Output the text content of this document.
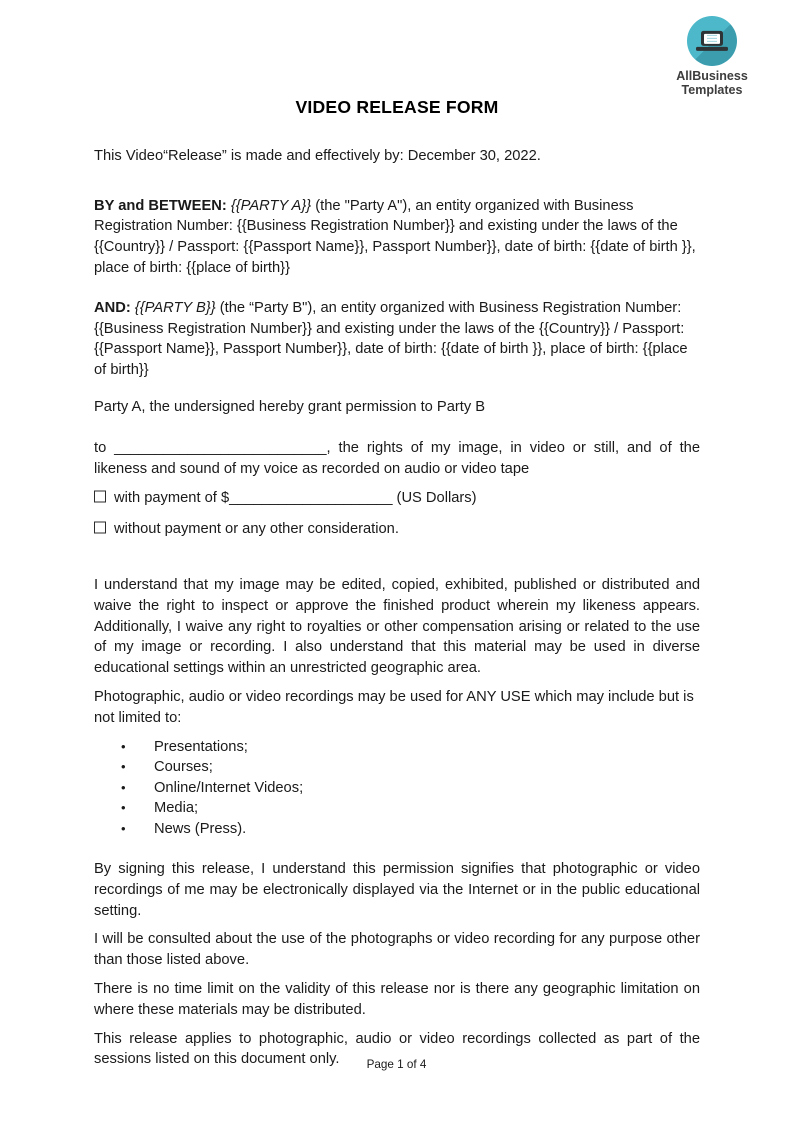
AllBusiness
Templates
VIDEO RELEASE FORM

This Video“Release” is made and effectively by: December 30, 2022.

BY and BETWEEN: {{PARTY A}} (the "Party A"), an entity organized with Business Registration Number: {{Business Registration Number}} and existing under the laws of the {{Country}} / Passport: {{Passport Name}}, Passport Number}}, date of birth: {{date of birth }}, place of birth: {{place of birth}}

AND: {{PARTY B}} (the “Party B"), an entity organized with Business Registration Number: {{Business Registration Number}} and existing under the laws of the {{Country}} / Passport: {{Passport Name}}, Passport Number}}, date of birth: {{date of birth }}, place of birth: {{place of birth}}

Party A, the undersigned hereby grant permission to Party B

to __________________________, the rights of my image, in video or still, and of the likeness and sound of my voice as recorded on audio or video tape

with payment of $____________________ (US Dollars)

without payment or any other consideration.

I understand that my image may be edited, copied, exhibited, published or distributed and waive the right to inspect or approve the finished product wherein my likeness appears. Additionally, I waive any right to royalties or other compensation arising or related to the use of my image or recording. I also understand that this material may be used in diverse educational settings within an unrestricted geographic area.

Photographic, audio or video recordings may be used for ANY USE which may include but is not limited to:

• Presentations;
• Courses;
• Online/Internet Videos;
• Media;
• News (Press).

By signing this release, I understand this permission signifies that photographic or video recordings of me may be electronically displayed via the Internet or in the public educational setting.

I will be consulted about the use of the photographs or video recording for any purpose other than those listed above.

There is no time limit on the validity of this release nor is there any geographic limitation on where these materials may be distributed.

This release applies to photographic, audio or video recordings collected as part of the sessions listed on this document only.	Page 1 of 4
